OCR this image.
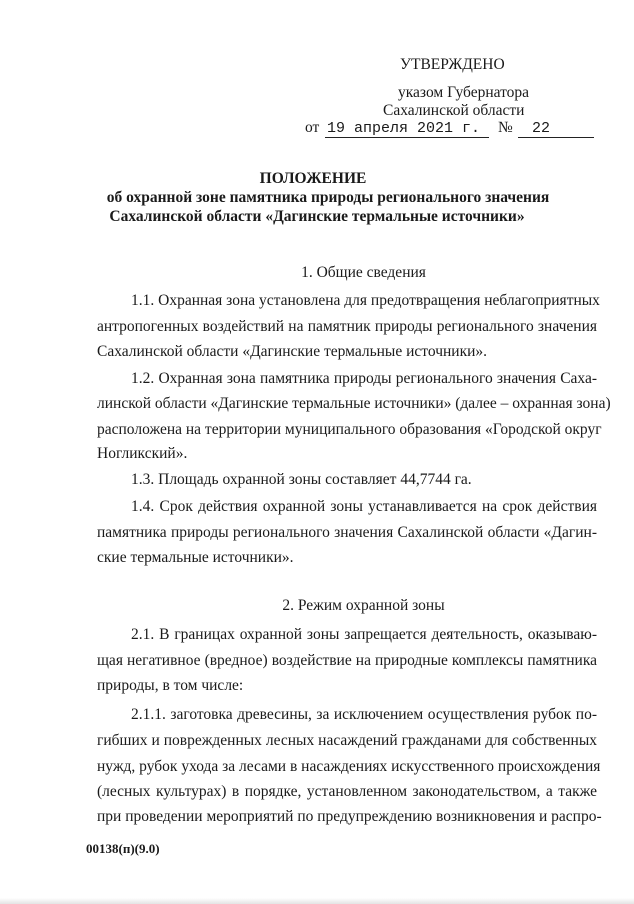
УТВЕРЖДЕНО
указом Губернатора
Сахалинской области
от 19 апреля 2021 г. № 22
ПОЛОЖЕНИЕ
об охранной зоне памятника природы регионального значения
Сахалинской области «Дагинские термальные источники»
1. Общие сведения
1.1. Охранная зона установлена для предотвращения неблагоприятных
антропогенных воздействий на памятник природы регионального значения
Сахалинской области «Дагинские термальные источники».
1.2. Охранная зона памятника природы регионального значения Саха-
линской области «Дагинские термальные источники» (далее – охранная зона)
расположена на территории муниципального образования «Городской округ
Ногликский».
1.3. Площадь охранной зоны составляет 44,7744 га.
1.4. Срок действия охранной зоны устанавливается на срок действия
памятника природы регионального значения Сахалинской области «Дагин-
ские термальные источники».
2. Режим охранной зоны
2.1. В границах охранной зоны запрещается деятельность, оказываю-
щая негативное (вредное) воздействие на природные комплексы памятника
природы, в том числе:
2.1.1. заготовка древесины, за исключением осуществления рубок по-
гибших и поврежденных лесных насаждений гражданами для собственных
нужд, рубок ухода за лесами в насаждениях искусственного происхождения
(лесных культурах) в порядке, установленном законодательством, а также
при проведении мероприятий по предупреждению возникновения и распро-
00138(п)(9.0)
